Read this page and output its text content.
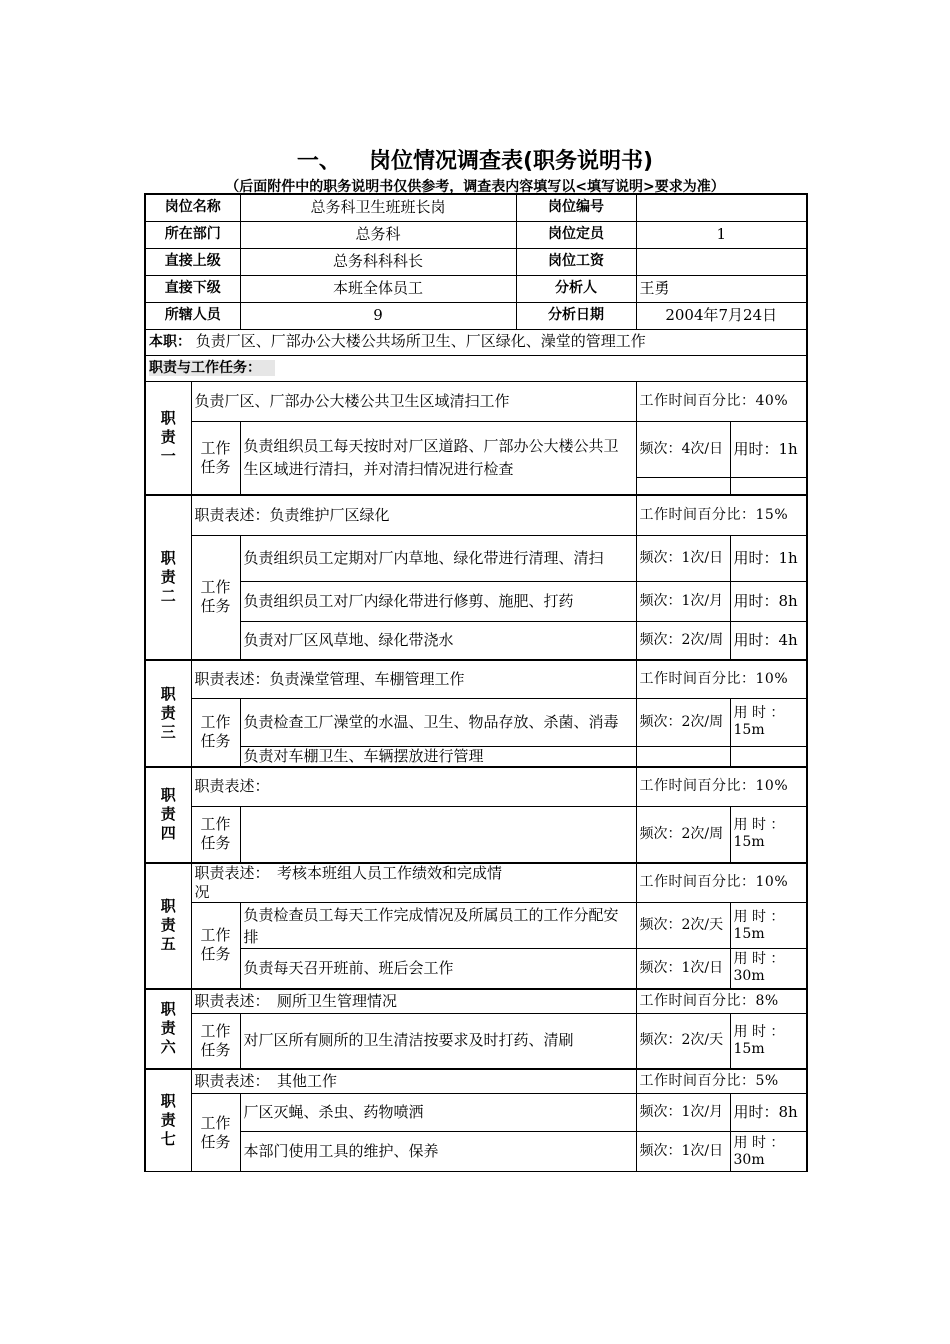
一、 岗位情况调查表(职务说明书)
（后面附件中的职务说明书仅供参考，调查表内容填写以<填写说明>要求为准）
岗位名称		总务科卫生班班长岗	岗位编号		
所在部门		总务科	岗位定员	1	
直接上级		总务科科科长	岗位工资		
直接下级		本班全体员工	分析人	王勇	
所辖人员		9	分析日期	2004年7月24日	
本职： 负责厂区、厂部办公大楼公共场所卫生、厂区绿化、澡堂的管理工作					
职责与工作任务：					

职责一	负责厂区、厂部办公大楼公共卫生区域清扫工作			工作时间百分比：40%	

	工作任务	负责组织员工每天按时对厂区道路、厂部办公大楼公共卫生区域进行清扫，并对清扫情况进行检查		频次：4次/日	用时：1h

职责二	职责表述：负责维护厂区绿化			工作时间百分比：15%	

	工作任务	负责组织员工定期对厂内草地、绿化带进行清理、清扫		频次：1次/日	用时：1h
		负责组织员工对厂内绿化带进行修剪、施肥、打药		频次：1次/月	用时：8h
		负责对厂区风草地、绿化带浇水		频次：2次/周	用时：4h

职责三	职责表述：负责澡堂管理、车棚管理工作			工作时间百分比：10%	

	工作任务	负责检查工厂澡堂的水温、卫生、物品存放、杀菌、消毒		频次：2次/周	用 时 ：15m
		负责对车棚卫生、车辆摆放进行管理			

职责四	职责表述：			工作时间百分比：10%	

	工作任务			频次：2次/周	用 时 ：15m

职责五	职责表述：　考核本班组人员工作绩效和完成情况			工作时间百分比：10%	

	工作任务	负责检查员工每天工作完成情况及所属员工的工作分配安排		频次：2次/天	用 时 ：15m
		负责每天召开班前、班后会工作		频次：1次/日	用 时 ：30m

职责六	职责表述：　厕所卫生管理情况			工作时间百分比：8%	

	工作任务	对厂区所有厕所的卫生清洁按要求及时打药、清刷		频次：2次/天	用 时 ：15m

职责七	职责表述：　其他工作			工作时间百分比：5%	

	工作任务	厂区灭蝇、杀虫、药物喷洒		频次：1次/月	用时：8h
		本部门使用工具的维护、保养		频次：1次/日	用 时 ：30m
